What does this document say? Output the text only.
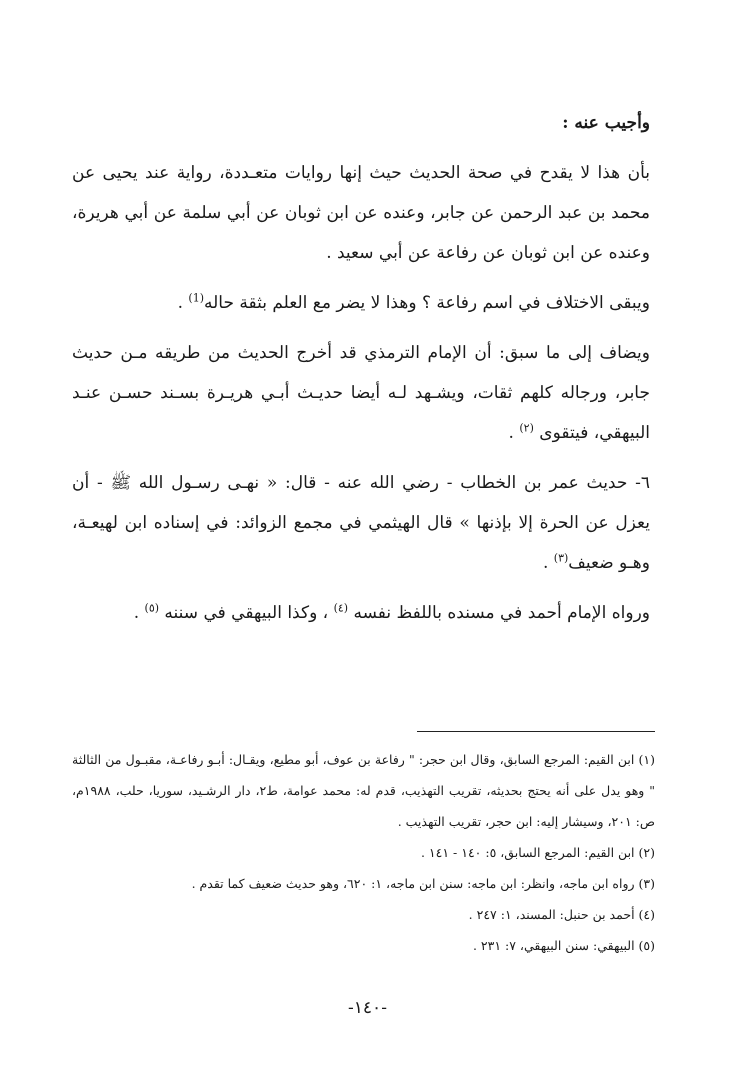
وأجيب عنه :

بأن هذا لا يقدح في صحة الحديث حيث إنها روايات متعـددة، رواية عند يحيى عن محمد بن عبد الرحمن عن جابر، وعنده عن ابن ثوبان عن أبي سلمة عن أبي هريرة، وعنده عن ابن ثوبان عن رفاعة عن أبي سعيد .

ويبقى الاختلاف في اسم رفاعة ؟ وهذا لا يضر مع العلم بثقة حاله$^{(1)}$ .

ويضاف إلى ما سبق: أن الإمام الترمذي قد أخرج الحديث من طريقه مـن حديث جابر، ورجاله كلهم ثقات، ويشـهد لـه أيضا حديـث أبـي هريـرة بسـند حسـن عنـد البيهقي، فيتقوى $^{(٢)}$ .

٦- حديث عمر بن الخطاب - رضي الله عنه - قال: « نهـى رسـول الله ﷺ - أن يعزل عن الحرة إلا بإذنها » قال الهيثمي في مجمع الزوائد: في إسناده ابن لهيعـة، وهـو ضعيف$^{(٣)}$ .

ورواه الإمام أحمد في مسنده باللفظ نفسه $^{(٤)}$ ، وكذا البيهقي في سننه $^{(٥)}$ .

(١) ابن القيم: المرجع السابق، وقال ابن حجر: " رفاعة بن عوف، أبو مطيع، ويقـال: أبـو رفاعـة، مقبـول من الثالثة " وهو يدل على أنه يحتج بحديثه، تقريب التهذيب، قدم له: محمد عوامة، ط٢، دار الرشـيد، سوريا، حلب، ١٩٨٨م، ص: ٢٠١، وسيشار إليه: ابن حجر، تقريب التهذيب .

(٢) ابن القيم: المرجع السابق، ٥: ١٤٠ - ١٤١ .

(٣) رواه ابن ماجه، وانظر: ابن ماجه: سنن ابن ماجه، ١: ٦٢٠، وهو حديث ضعيف كما تقدم .

(٤) أحمد بن حنبل: المسند، ١: ٢٤٧ .

(٥) البيهقي: سنن البيهقي، ٧: ٢٣١ .

-١٤٠-
